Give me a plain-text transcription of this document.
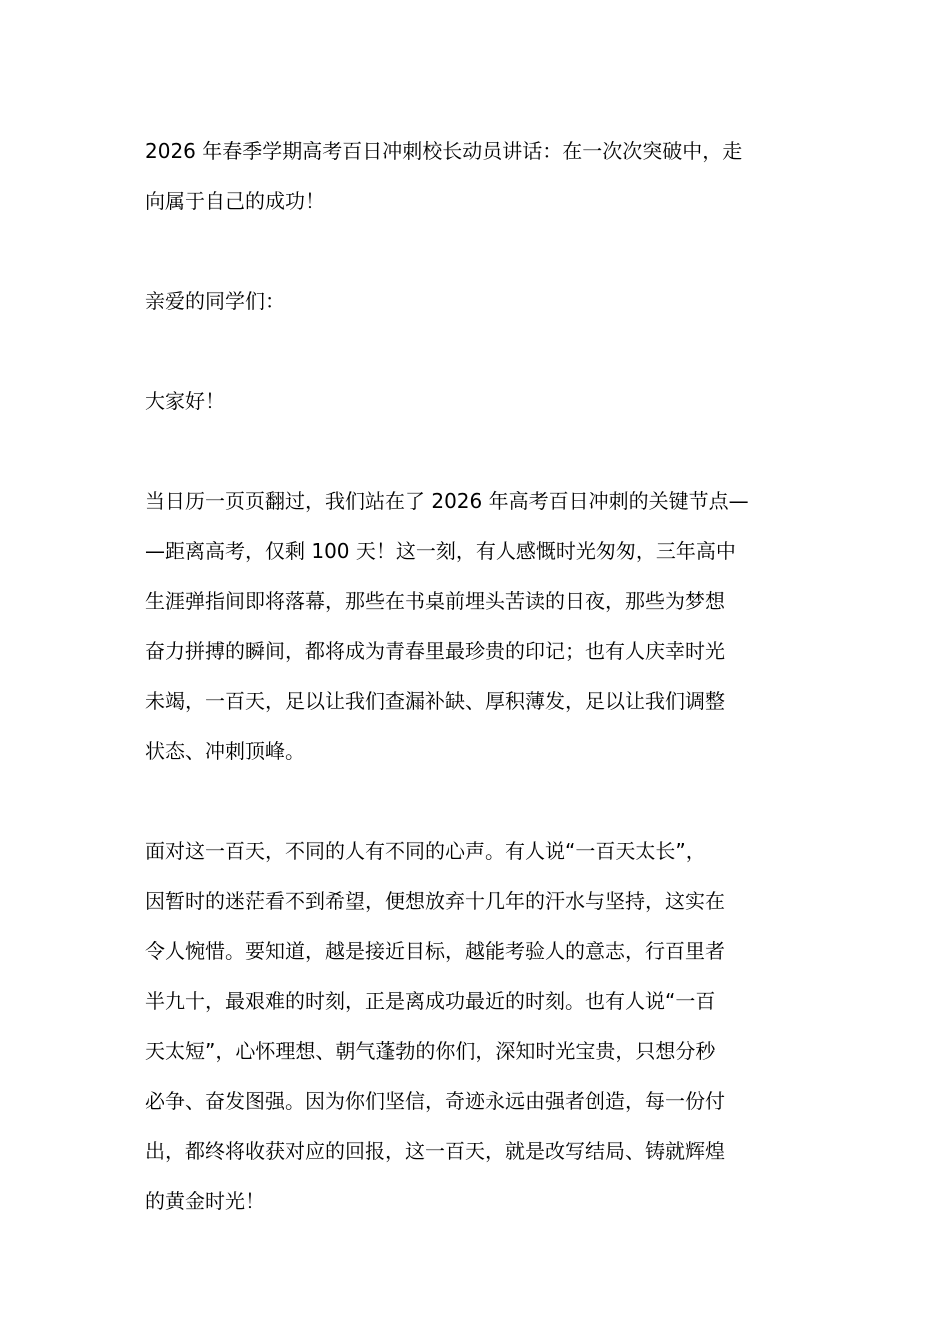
2026 年春季学期高考百日冲刺校长动员讲话：在一次次突破中，走
向属于自己的成功！
亲爱的同学们：
大家好！
当日历一页页翻过，我们站在了 2026 年高考百日冲刺的关键节点—
—距离高考，仅剩 100 天！这一刻，有人感慨时光匆匆，三年高中
生涯弹指间即将落幕，那些在书桌前埋头苦读的日夜，那些为梦想
奋力拼搏的瞬间，都将成为青春里最珍贵的印记；也有人庆幸时光
未竭，一百天，足以让我们查漏补缺、厚积薄发，足以让我们调整
状态、冲刺顶峰。
面对这一百天，不同的人有不同的心声。有人说“一百天太长”，
因暂时的迷茫看不到希望，便想放弃十几年的汗水与坚持，这实在
令人惋惜。要知道，越是接近目标，越能考验人的意志，行百里者
半九十，最艰难的时刻，正是离成功最近的时刻。也有人说“一百
天太短”，心怀理想、朝气蓬勃的你们，深知时光宝贵，只想分秒
必争、奋发图强。因为你们坚信，奇迹永远由强者创造，每一份付
出，都终将收获对应的回报，这一百天，就是改写结局、铸就辉煌
的黄金时光！
